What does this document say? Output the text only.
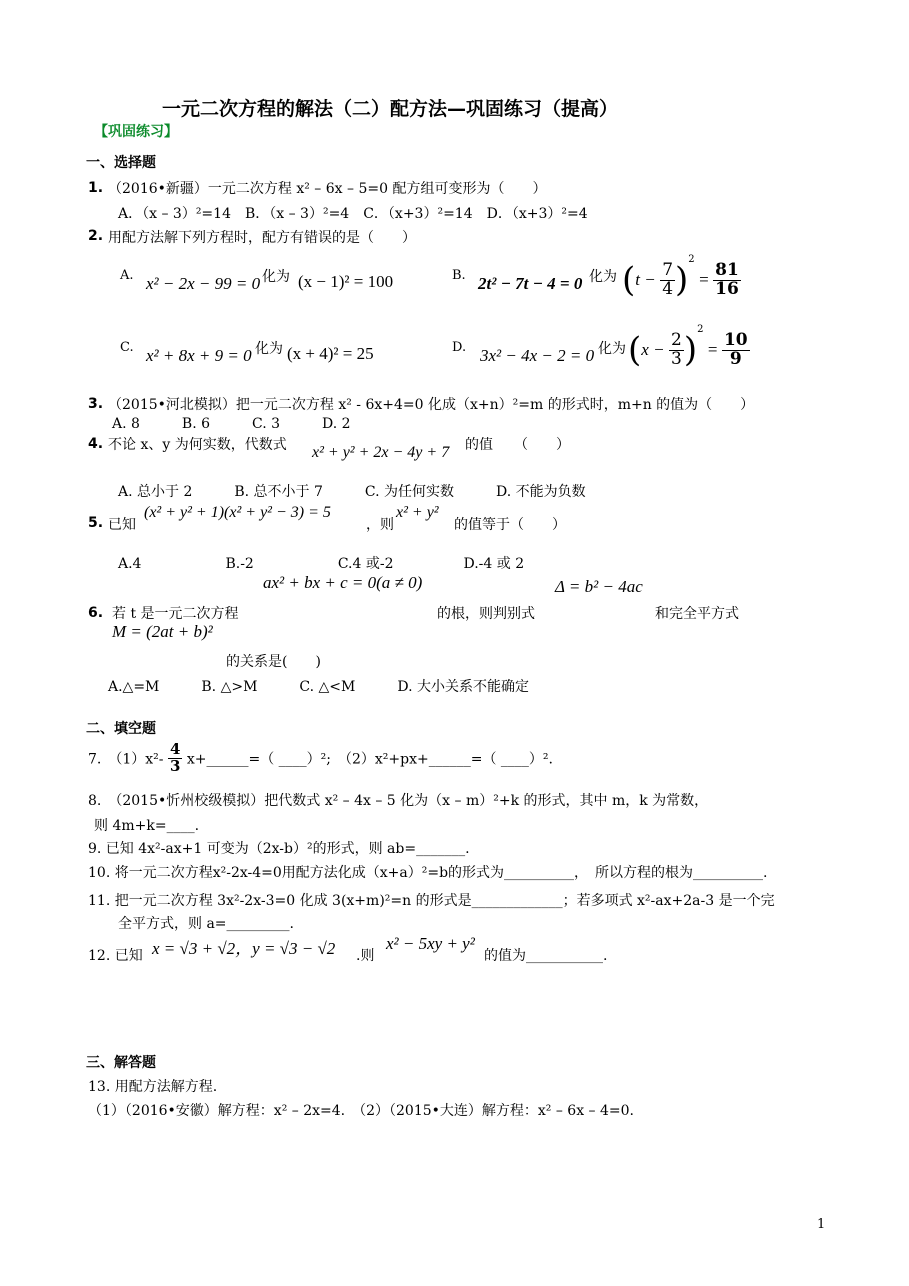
一元二次方程的解法（二）配方法—巩固练习（提高）
【巩固练习】
一、选择题
1. （2016•新疆）一元二次方程 x² – 6x – 5=0 配方组可变形为（　　）
A．（x – 3）²=14　B．（x – 3）²=4　C．（x+3）²=14　D．（x+3）²=4
2. 用配方法解下列方程时，配方有错误的是（　　）
A. x² − 2x − 99 = 0 化为 (x − 1)² = 100	B. 2t² − 7t − 4 = 0 化为 $(t - \frac{7}{4} )^2 = \frac{81}{16}$
C. x² + 8x + 9 = 0 化为 (x + 4)² = 25	D. 3x² − 4x − 2 = 0 化为 $(x - \frac{2}{3} )^2 = \frac{10}{9}$
3. （2015•河北模拟）把一元二次方程 x² - 6x+4=0 化成（x+n）²=m 的形式时，m+n 的值为（　　）
A. 8　　　B. 6　　　C. 3　　　D. 2
4. 不论 x、y 为何实数，代数式 x² + y² + 2x − 4y + 7 的值　　（　　）
A. 总小于 2　　　B. 总不小于 7　　　C. 为任何实数　　　D. 不能为负数
5. 已知
(x² + y² + 1)(x² + y² − 3) = 5
，则
x² + y²
的值等于（　　）
A.4　　　　　　B.-2　　　　　　C.4 或-2　　　　　D.-4 或 2
ax² + bx + c = 0(a ≠ 0)	Δ = b² − 4ac
6. 若 t 是一元二次方程	的根，则判别式	和完全平方式
M = (2at + b)²
的关系是(　　)
A.△=M　　　B. △>M　　　C. △<M　　　D. 大小关系不能确定
二、填空题
7.　$(1)x^2- \frac{4}{3}$ x+______=（ ____）²;　（2）x²+px+______=（ ____）².
8.　（2015•忻州校级模拟）把代数式 x² – 4x – 5 化为（x – m）²+k 的形式，其中 m，k 为常数，
则 4m+k=____.
9. 已知 4x²-ax+1 可变为（2x-b）²的形式，则 ab=_______.
10. 将一元二次方程x²-2x-4=0用配方法化成（x+a）²=b的形式为__________，　所以方程的根为__________.
11. 把一元二次方程 3x²-2x-3=0 化成 3(x+m)²=n 的形式是_____________；若多项式 x²-ax+2a-3 是一个完
全平方式，则 a=_________.
12. 已知 x = √3 + √2，y = √3 − √2 .则
x² − 5xy + y²
的值为___________.
三、解答题
13. 用配方法解方程.
（1）（2016•安徽）解方程：x² – 2x=4.　（2）（2015•大连）解方程：x² – 6x – 4=0.
1
